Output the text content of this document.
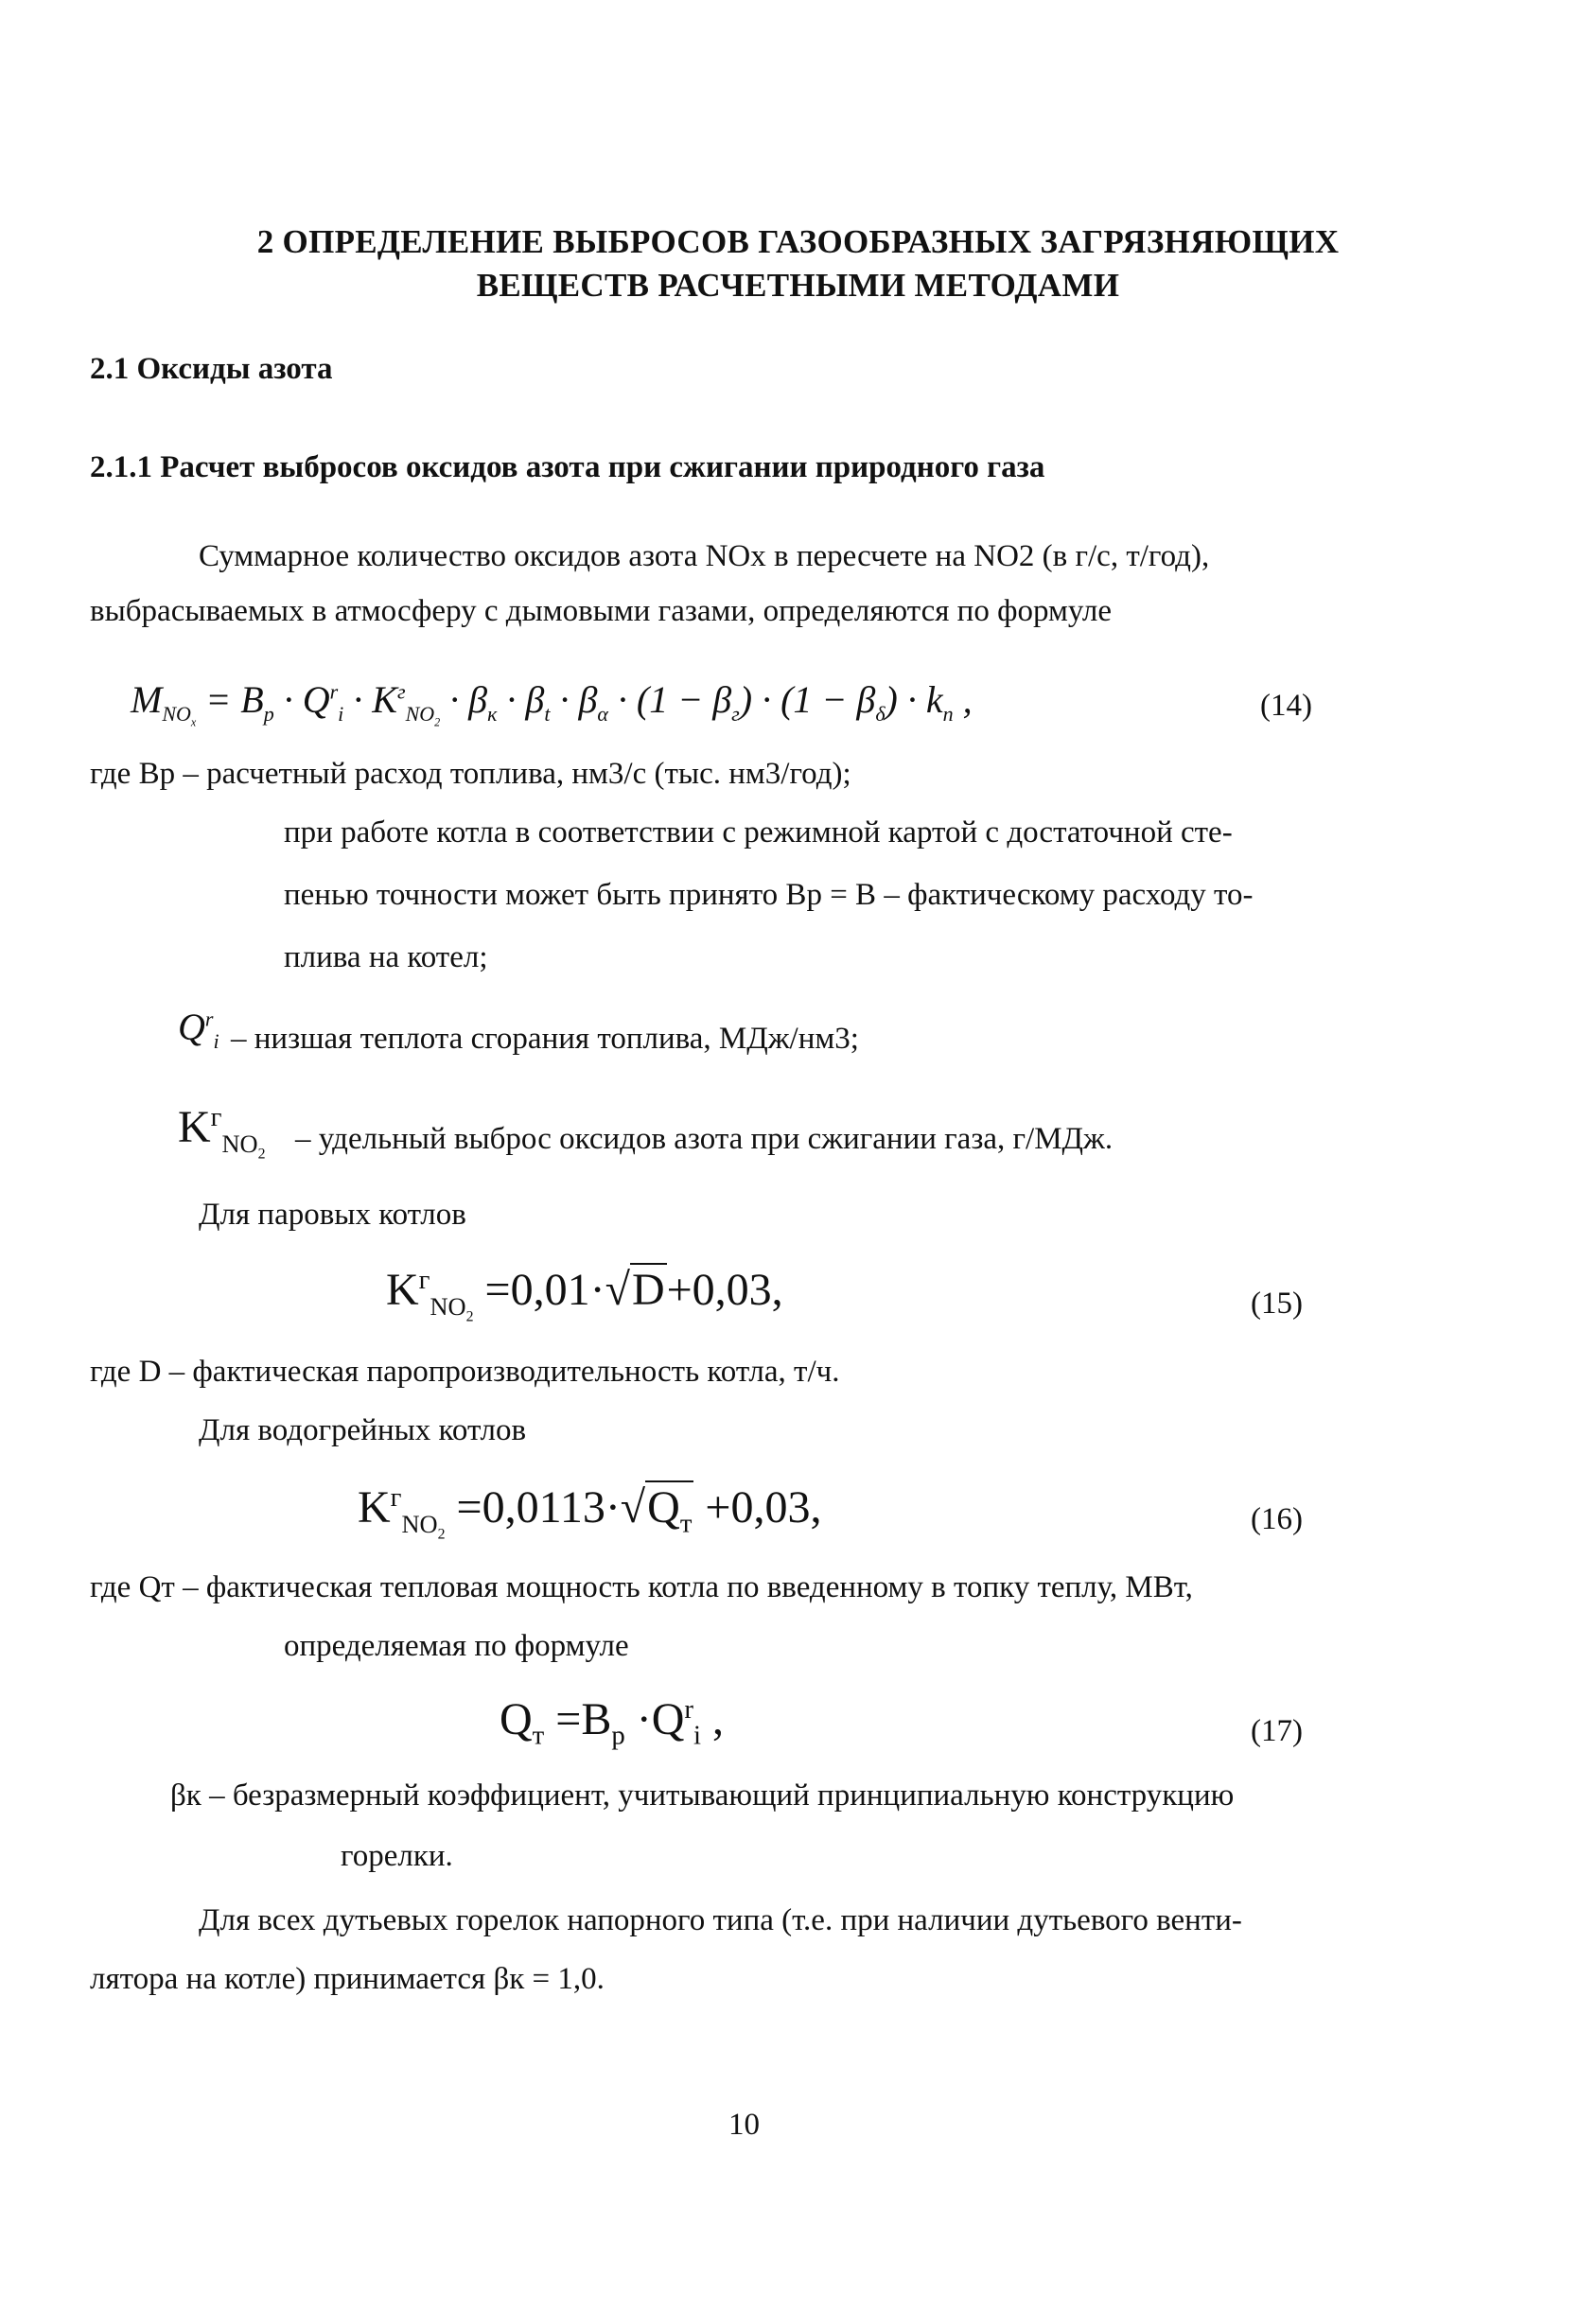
2 ОПРЕДЕЛЕНИЕ ВЫБРОСОВ ГАЗООБРАЗНЫХ ЗАГРЯЗНЯЮЩИХ
ВЕЩЕСТВ РАСЧЕТНЫМИ МЕТОДАМИ
2.1 Оксиды азота
2.1.1 Расчет выбросов оксидов азота при сжигании природного газа
Суммарное количество оксидов азота NOx в пересчете на NO2 (в г/с, т/год),
выбрасываемых в атмосферу с дымовыми газами, определяются по формуле
$M_{NO_x} = B_p \cdot Q^r_i \cdot K^г_{NO_2} \cdot \beta_к \cdot \beta_t \cdot \beta_\alpha \cdot (1 - \beta_г) \cdot (1 - \beta_\delta) \cdot k_п$ ,	(14)
где Вр – расчетный расход топлива, нм3/с (тыс. нм3/год);
при работе котла в соответствии с режимной картой с достаточной сте-
пенью точности может быть принято Вр = В – фактическому расходу то-
плива на котел;
$Q^r_i$ – низшая теплота сгорания топлива, МДж/нм3;
$K^г_{NO_2}$ – удельный выброс оксидов азота при сжигании газа, г/МДж.
Для паровых котлов
$K^г_{NO_2} =0,01\cdot√D+0,03$,	(15)
где D – фактическая паропроизводительность котла, т/ч.
Для водогрейных котлов
$K^г_{NO_2} =0,0113\cdot√Q_т +0,03$,	(16)
где Qт – фактическая тепловая мощность котла по введенному в топку теплу, МВт,
определяемая по формуле
$Q_т =B_р \cdot Q^r_i$ ,	(17)
βк – безразмерный коэффициент, учитывающий принципиальную конструкцию
горелки.
Для всех дутьевых горелок напорного типа (т.е. при наличии дутьевого венти-
лятора на котле) принимается βк = 1,0.
10
